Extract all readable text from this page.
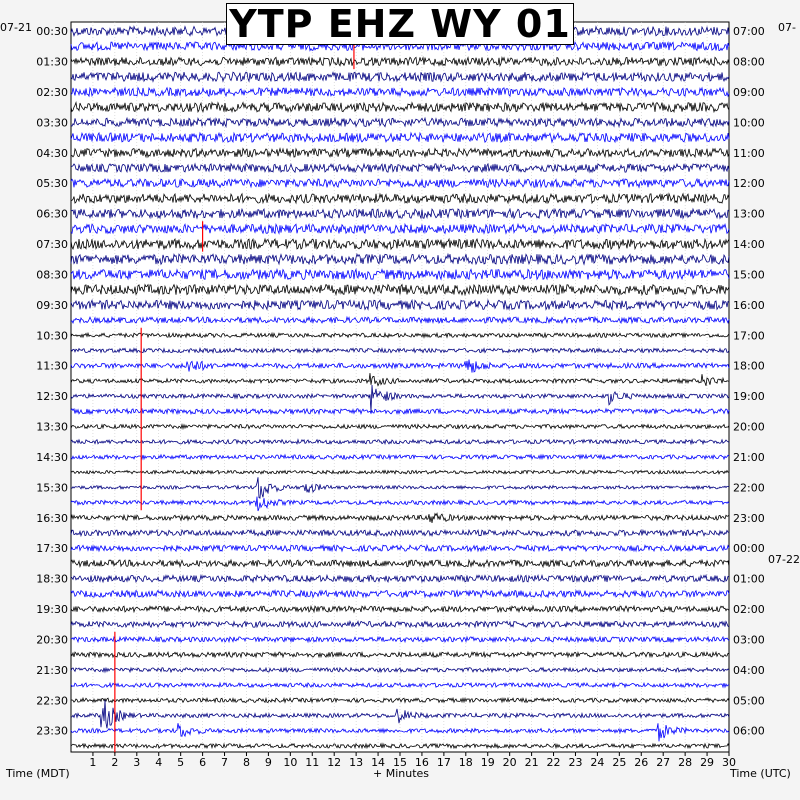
00:30
01:30
02:30
03:30
04:30
05:30
06:30
07:30
08:30
09:30
10:30
11:30
12:30
13:30
14:30
15:30
16:30
17:30
18:30
19:30
20:30
21:30
22:30
23:30
07:00
08:00
09:00
10:00
11:00
12:00
13:00
14:00
15:00
16:00
17:00
18:00
19:00
20:00
21:00
22:00
23:00
00:00
01:00
02:00
03:00
04:00
05:00
06:00
1 2 3 4 5 6 7 8 9 10 11 12 13 14 15 16 17 18 19 20 21 22 23 24 25 26 27 28 29 30
YTP EHZ WY 01
07-21
Time (MDT)	+ Minutes	Time (UTC)
07-
07-22
